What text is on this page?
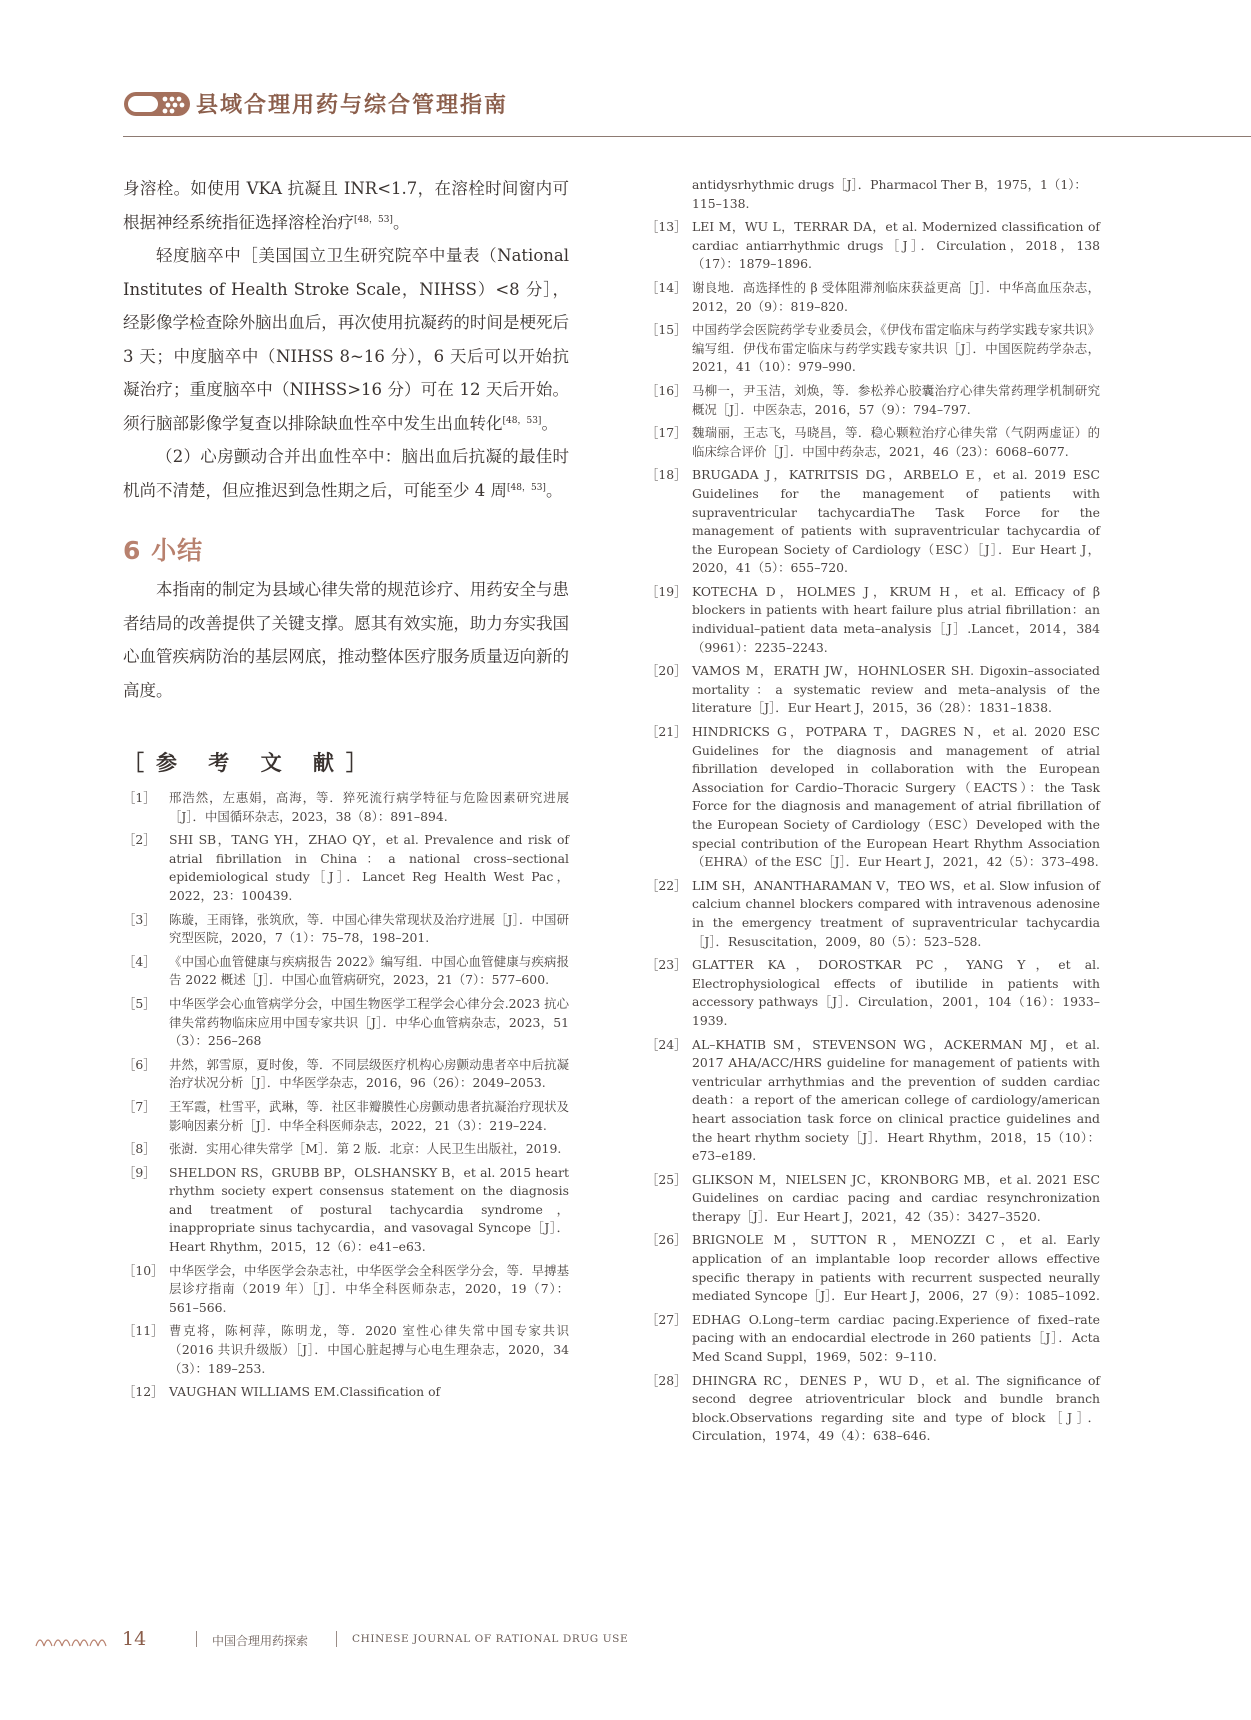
县域合理用药与综合管理指南

身溶栓。如使用 VKA 抗凝且 INR<1.7，在溶栓时间窗内可根据神经系统指征选择溶栓治疗[48，53]。

轻度脑卒中［美国国立卫生研究院卒中量表（National Institutes of Health Stroke Scale，NIHSS）<8 分］，经影像学检查除外脑出血后，再次使用抗凝药的时间是梗死后 3 天；中度脑卒中（NIHSS 8~16 分），6 天后可以开始抗凝治疗；重度脑卒中（NIHSS>16 分）可在 12 天后开始。须行脑部影像学复查以排除缺血性卒中发生出血转化[48，53]。

（2）心房颤动合并出血性卒中：脑出血后抗凝的最佳时机尚不清楚，但应推迟到急性期之后，可能至少 4 周[48，53]。

6 小结

本指南的制定为县域心律失常的规范诊疗、用药安全与患者结局的改善提供了关键支撑。愿其有效实施，助力夯实我国心血管疾病防治的基层网底，推动整体医疗服务质量迈向新的高度。

［参 考 文 献］
［1］	邢浩然，左惠娟，高海，等．猝死流行病学特征与危险因素研究进展［J］．中国循环杂志，2023，38（8）：891–894.
［2］	SHI SB，TANG YH，ZHAO QY，et al. Prevalence and risk of atrial fibrillation in China：a national cross–sectional epidemiological study［J］．Lancet Reg Health West Pac，2022，23：100439.
［3］	陈璇，王雨锋，张筑欣，等．中国心律失常现状及治疗进展［J］．中国研究型医院，2020，7（1）：75–78，198–201.
［4］	《中国心血管健康与疾病报告 2022》编写组．中国心血管健康与疾病报告 2022 概述［J］．中国心血管病研究，2023，21（7）：577–600.
［5］	中华医学会心血管病学分会，中国生物医学工程学会心律分会.2023 抗心律失常药物临床应用中国专家共识［J］．中华心血管病杂志，2023，51（3）：256–268
［6］	井然，郭雪原，夏时俊，等．不同层级医疗机构心房颤动患者卒中后抗凝治疗状况分析［J］．中华医学杂志，2016，96（26）：2049–2053.
［7］	王军霞，杜雪平，武琳，等．社区非瓣膜性心房颤动患者抗凝治疗现状及影响因素分析［J］．中华全科医师杂志，2022，21（3）：219–224.
［8］	张澍．实用心律失常学［M］．第 2 版．北京：人民卫生出版社，2019.
［9］	SHELDON RS，GRUBB BP，OLSHANSKY B，et al. 2015 heart rhythm society expert consensus statement on the diagnosis and treatment of postural tachycardia syndrome，inappropriate sinus tachycardia，and vasovagal Syncope［J］．Heart Rhythm，2015，12（6）：e41–e63.
［10］ 中华医学会，中华医学会杂志社，中华医学会全科医学分会，等．早搏基层诊疗指南（2019 年）［J］．中华全科医师杂志，2020，19（7）：561–566.
［11］ 曹克将，陈柯萍，陈明龙，等．2020 室性心律失常中国专家共识（2016 共识升级版）［J］．中国心脏起搏与心电生理杂志，2020，34（3）：189–253.
［12］ VAUGHAN WILLIAMS EM.Classification of
antidysrhythmic drugs［J］．Pharmacol Ther B，1975，1（1）：115–138.
［13］ LEI M，WU L，TERRAR DA，et al. Modernized classification of cardiac antiarrhythmic drugs［J］．Circulation，2018，138（17）：1879–1896.
［14］ 谢良地．高选择性的 β 受体阻滞剂临床获益更高［J］．中华高血压杂志，2012，20（9）：819–820.
［15］ 中国药学会医院药学专业委员会，《伊伐布雷定临床与药学实践专家共识》编写组．伊伐布雷定临床与药学实践专家共识［J］．中国医院药学杂志，2021，41（10）：979–990.
［16］ 马柳一，尹玉洁，刘焕，等．参松养心胶囊治疗心律失常药理学机制研究概况［J］．中医杂志，2016，57（9）：794–797.
［17］ 魏瑞丽，王志飞，马晓昌，等．稳心颗粒治疗心律失常（气阴两虚证）的临床综合评价［J］．中国中药杂志，2021，46（23）：6068–6077.
［18］ BRUGADA J，KATRITSIS DG，ARBELO E，et al. 2019 ESC Guidelines for the management of patients with supraventricular tachycardiaThe Task Force for the management of patients with supraventricular tachycardia of the European Society of Cardiology（ESC）［J］．Eur Heart J，2020，41（5）：655–720.
［19］ KOTECHA D，HOLMES J，KRUM H，et al. Efficacy of β blockers in patients with heart failure plus atrial fibrillation：an individual–patient data meta–analysis［J］.Lancet，2014，384（9961）：2235–2243.
［20］ VAMOS M，ERATH JW，HOHNLOSER SH. Digoxin–associated mortality：a systematic review and meta–analysis of the literature［J］．Eur Heart J，2015，36（28）：1831–1838.
［21］ HINDRICKS G，POTPARA T，DAGRES N，et al. 2020 ESC Guidelines for the diagnosis and management of atrial fibrillation developed in collaboration with the European Association for Cardio–Thoracic Surgery（EACTS）：the Task Force for the diagnosis and management of atrial fibrillation of the European Society of Cardiology（ESC）Developed with the special contribution of the European Heart Rhythm Association（EHRA）of the ESC［J］．Eur Heart J，2021，42（5）：373–498.
［22］ LIM SH，ANANTHARAMAN V，TEO WS，et al. Slow infusion of calcium channel blockers compared with intravenous adenosine in the emergency treatment of supraventricular tachycardia［J］．Resuscitation，2009，80（5）：523–528.
［23］ GLATTER KA，DOROSTKAR PC，YANG Y，et al. Electrophysiological effects of ibutilide in patients with accessory pathways［J］．Circulation，2001，104（16）：1933–1939.
［24］ AL–KHATIB SM，STEVENSON WG，ACKERMAN MJ，et al. 2017 AHA/ACC/HRS guideline for management of patients with ventricular arrhythmias and the prevention of sudden cardiac death：a report of the american college of cardiology/american heart association task force on clinical practice guidelines and the heart rhythm society［J］．Heart Rhythm，2018，15（10）：e73–e189.
［25］ GLIKSON M，NIELSEN JC，KRONBORG MB，et al. 2021 ESC Guidelines on cardiac pacing and cardiac resynchronization therapy［J］．Eur Heart J，2021，42（35）：3427–3520.
［26］ BRIGNOLE M，SUTTON R，MENOZZI C，et al. Early application of an implantable loop recorder allows effective specific therapy in patients with recurrent suspected neurally mediated Syncope［J］．Eur Heart J，2006，27（9）：1085–1092.
［27］ EDHAG O.Long–term cardiac pacing.Experience of fixed–rate pacing with an endocardial electrode in 260 patients［J］．Acta Med Scand Suppl，1969，502：9–110.
［28］ DHINGRA RC，DENES P，WU D，et al. The significance of second degree atrioventricular block and bundle branch block.Observations regarding site and type of block［J］．Circulation，1974，49（4）：638–646.
14	中国合理用药探索	CHINESE JOURNAL OF RATIONAL DRUG USE
